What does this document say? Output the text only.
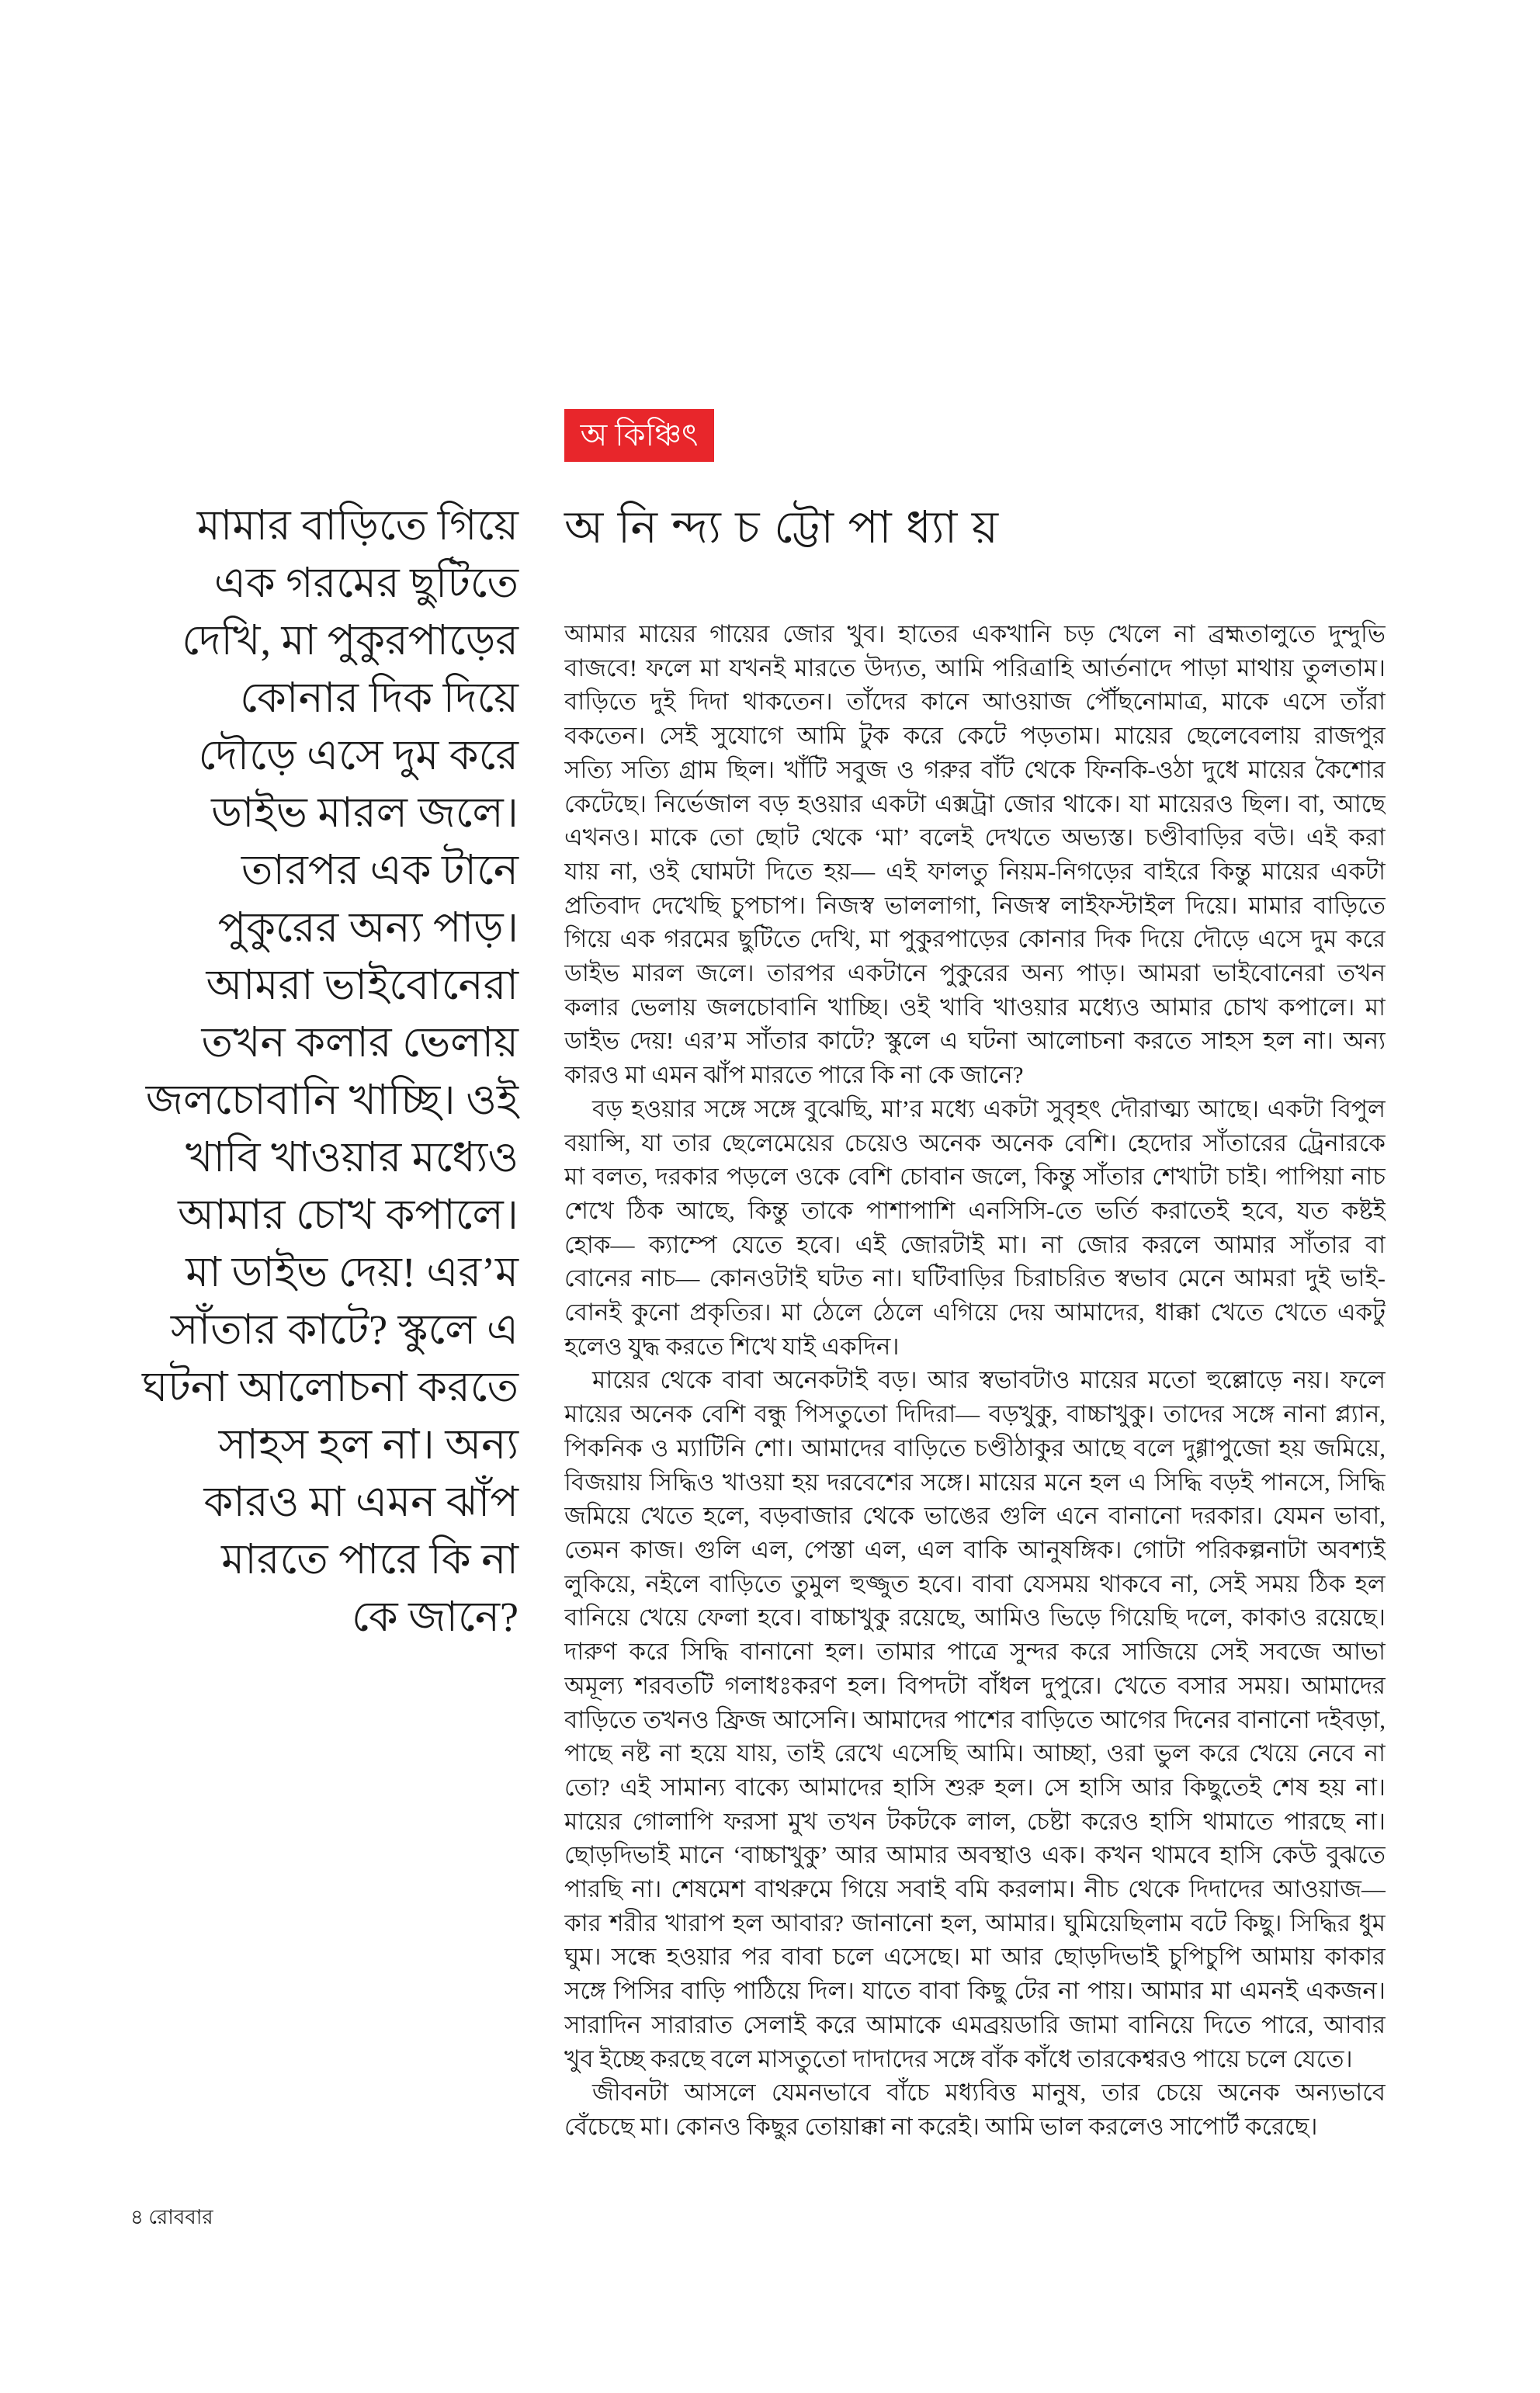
অ কিঞ্চিৎ
অ নি ন্দ্য চ ট্টো পা ধ্যা য়
মামার বাড়িতে গিয়ে
এক গরমের ছুটিতে
দেখি, মা পুকুরপাড়ের
কোনার দিক দিয়ে
দৌড়ে এসে দুম করে
ডাইভ মারল জলে।
তারপর এক টানে
পুকুরের অন্য পাড়।
আমরা ভাইবোনেরা
তখন কলার ভেলায়
জলচোবানি খাচ্ছি। ওই
খাবি খাওয়ার মধ্যেও
আমার চোখ কপালে।
মা ডাইভ দেয়! এর’ম
সাঁতার কাটে? স্কুলে এ
ঘটনা আলোচনা করতে
সাহস হল না। অন্য
কারও মা এমন ঝাঁপ
মারতে পারে কি না
কে জানে?
আমার মায়ের গায়ের জোর খুব। হাতের একখানি চড় খেলে না ব্রহ্মতালুতে দুন্দুভি
বাজবে! ফলে মা যখনই মারতে উদ্যত, আমি পরিত্রাহি আর্তনাদে পাড়া মাথায় তুলতাম।
বাড়িতে দুই দিদা থাকতেন। তাঁদের কানে আওয়াজ পৌঁছনোমাত্র, মাকে এসে তাঁরা
বকতেন। সেই সুযোগে আমি টুক করে কেটে পড়তাম। মায়ের ছেলেবেলায় রাজপুর
সত্যি সত্যি গ্রাম ছিল। খাঁটি সবুজ ও গরুর বাঁট থেকে ফিনকি-ওঠা দুধে মায়ের কৈশোর
কেটেছে। নির্ভেজাল বড় হওয়ার একটা এক্সট্রা জোর থাকে। যা মায়েরও ছিল। বা, আছে
এখনও। মাকে তো ছোট থেকে ‘মা’ বলেই দেখতে অভ্যস্ত। চণ্ডীবাড়ির বউ। এই করা
যায় না, ওই ঘোমটা দিতে হয়— এই ফালতু নিয়ম-নিগড়ের বাইরে কিন্তু মায়ের একটা
প্রতিবাদ দেখেছি চুপচাপ। নিজস্ব ভাললাগা, নিজস্ব লাইফস্টাইল দিয়ে। মামার বাড়িতে
গিয়ে এক গরমের ছুটিতে দেখি, মা পুকুরপাড়ের কোনার দিক দিয়ে দৌড়ে এসে দুম করে
ডাইভ মারল জলে। তারপর একটানে পুকুরের অন্য পাড়। আমরা ভাইবোনেরা তখন
কলার ভেলায় জলচোবানি খাচ্ছি। ওই খাবি খাওয়ার মধ্যেও আমার চোখ কপালে। মা
ডাইভ দেয়! এর’ম সাঁতার কাটে? স্কুলে এ ঘটনা আলোচনা করতে সাহস হল না। অন্য
কারও মা এমন ঝাঁপ মারতে পারে কি না কে জানে?
বড় হওয়ার সঙ্গে সঙ্গে বুঝেছি, মা’র মধ্যে একটা সুবৃহৎ দৌরাত্ম্য আছে। একটা বিপুল
বয়ান্সি, যা তার ছেলেমেয়ের চেয়েও অনেক অনেক বেশি। হেদোর সাঁতারের ট্রেনারকে
মা বলত, দরকার পড়লে ওকে বেশি চোবান জলে, কিন্তু সাঁতার শেখাটা চাই। পাপিয়া নাচ
শেখে ঠিক আছে, কিন্তু তাকে পাশাপাশি এনসিসি-তে ভর্তি করাতেই হবে, যত কষ্টই
হোক— ক্যাম্পে যেতে হবে। এই জোরটাই মা। না জোর করলে আমার সাঁতার বা
বোনের নাচ— কোনওটাই ঘটত না। ঘটিবাড়ির চিরাচরিত স্বভাব মেনে আমরা দুই ভাই-
বোনই কুনো প্রকৃতির। মা ঠেলে ঠেলে এগিয়ে দেয় আমাদের, ধাক্কা খেতে খেতে একটু
হলেও যুদ্ধ করতে শিখে যাই একদিন।
মায়ের থেকে বাবা অনেকটাই বড়। আর স্বভাবটাও মায়ের মতো হুল্লোড়ে নয়। ফলে
মায়ের অনেক বেশি বন্ধু পিসতুতো দিদিরা— বড়খুকু, বাচ্চাখুকু। তাদের সঙ্গে নানা প্ল্যান,
পিকনিক ও ম্যাটিনি শো। আমাদের বাড়িতে চণ্ডীঠাকুর আছে বলে দুগ্গাপুজো হয় জমিয়ে,
বিজয়ায় সিদ্ধিও খাওয়া হয় দরবেশের সঙ্গে। মায়ের মনে হল এ সিদ্ধি বড়ই পানসে, সিদ্ধি
জমিয়ে খেতে হলে, বড়বাজার থেকে ভাঙের গুলি এনে বানানো দরকার। যেমন ভাবা,
তেমন কাজ। গুলি এল, পেস্তা এল, এল বাকি আনুষঙ্গিক। গোটা পরিকল্পনাটা অবশ্যই
লুকিয়ে, নইলে বাড়িতে তুমুল হুজ্জুত হবে। বাবা যেসময় থাকবে না, সেই সময় ঠিক হল
বানিয়ে খেয়ে ফেলা হবে। বাচ্চাখুকু রয়েছে, আমিও ভিড়ে গিয়েছি দলে, কাকাও রয়েছে।
দারুণ করে সিদ্ধি বানানো হল। তামার পাত্রে সুন্দর করে সাজিয়ে সেই সবজে আভা
অমূল্য শরবতটি গলাধঃকরণ হল। বিপদটা বাঁধল দুপুরে। খেতে বসার সময়। আমাদের
বাড়িতে তখনও ফ্রিজ আসেনি। আমাদের পাশের বাড়িতে আগের দিনের বানানো দইবড়া,
পাছে নষ্ট না হয়ে যায়, তাই রেখে এসেছি আমি। আচ্ছা, ওরা ভুল করে খেয়ে নেবে না
তো? এই সামান্য বাক্যে আমাদের হাসি শুরু হল। সে হাসি আর কিছুতেই শেষ হয় না।
মায়ের গোলাপি ফরসা মুখ তখন টকটকে লাল, চেষ্টা করেও হাসি থামাতে পারছে না।
ছোড়দিভাই মানে ‘বাচ্চাখুকু’ আর আমার অবস্থাও এক। কখন থামবে হাসি কেউ বুঝতে
পারছি না। শেষমেশ বাথরুমে গিয়ে সবাই বমি করলাম। নীচ থেকে দিদাদের আওয়াজ—
কার শরীর খারাপ হল আবার? জানানো হল, আমার। ঘুমিয়েছিলাম বটে কিছু। সিদ্ধির ধুম
ঘুম। সন্ধে হওয়ার পর বাবা চলে এসেছে। মা আর ছোড়দিভাই চুপিচুপি আমায় কাকার
সঙ্গে পিসির বাড়ি পাঠিয়ে দিল। যাতে বাবা কিছু টের না পায়। আমার মা এমনই একজন।
সারাদিন সারারাত সেলাই করে আমাকে এমব্রয়ডারি জামা বানিয়ে দিতে পারে, আবার
খুব ইচ্ছে করছে বলে মাসতুতো দাদাদের সঙ্গে বাঁক কাঁধে তারকেশ্বরও পায়ে চলে যেতে।
জীবনটা আসলে যেমনভাবে বাঁচে মধ্যবিত্ত মানুষ, তার চেয়ে অনেক অন্যভাবে
বেঁচেছে মা। কোনও কিছুর তোয়াক্কা না করেই। আমি ভাল করলেও সাপোর্ট করেছে।
৪ রোববার
